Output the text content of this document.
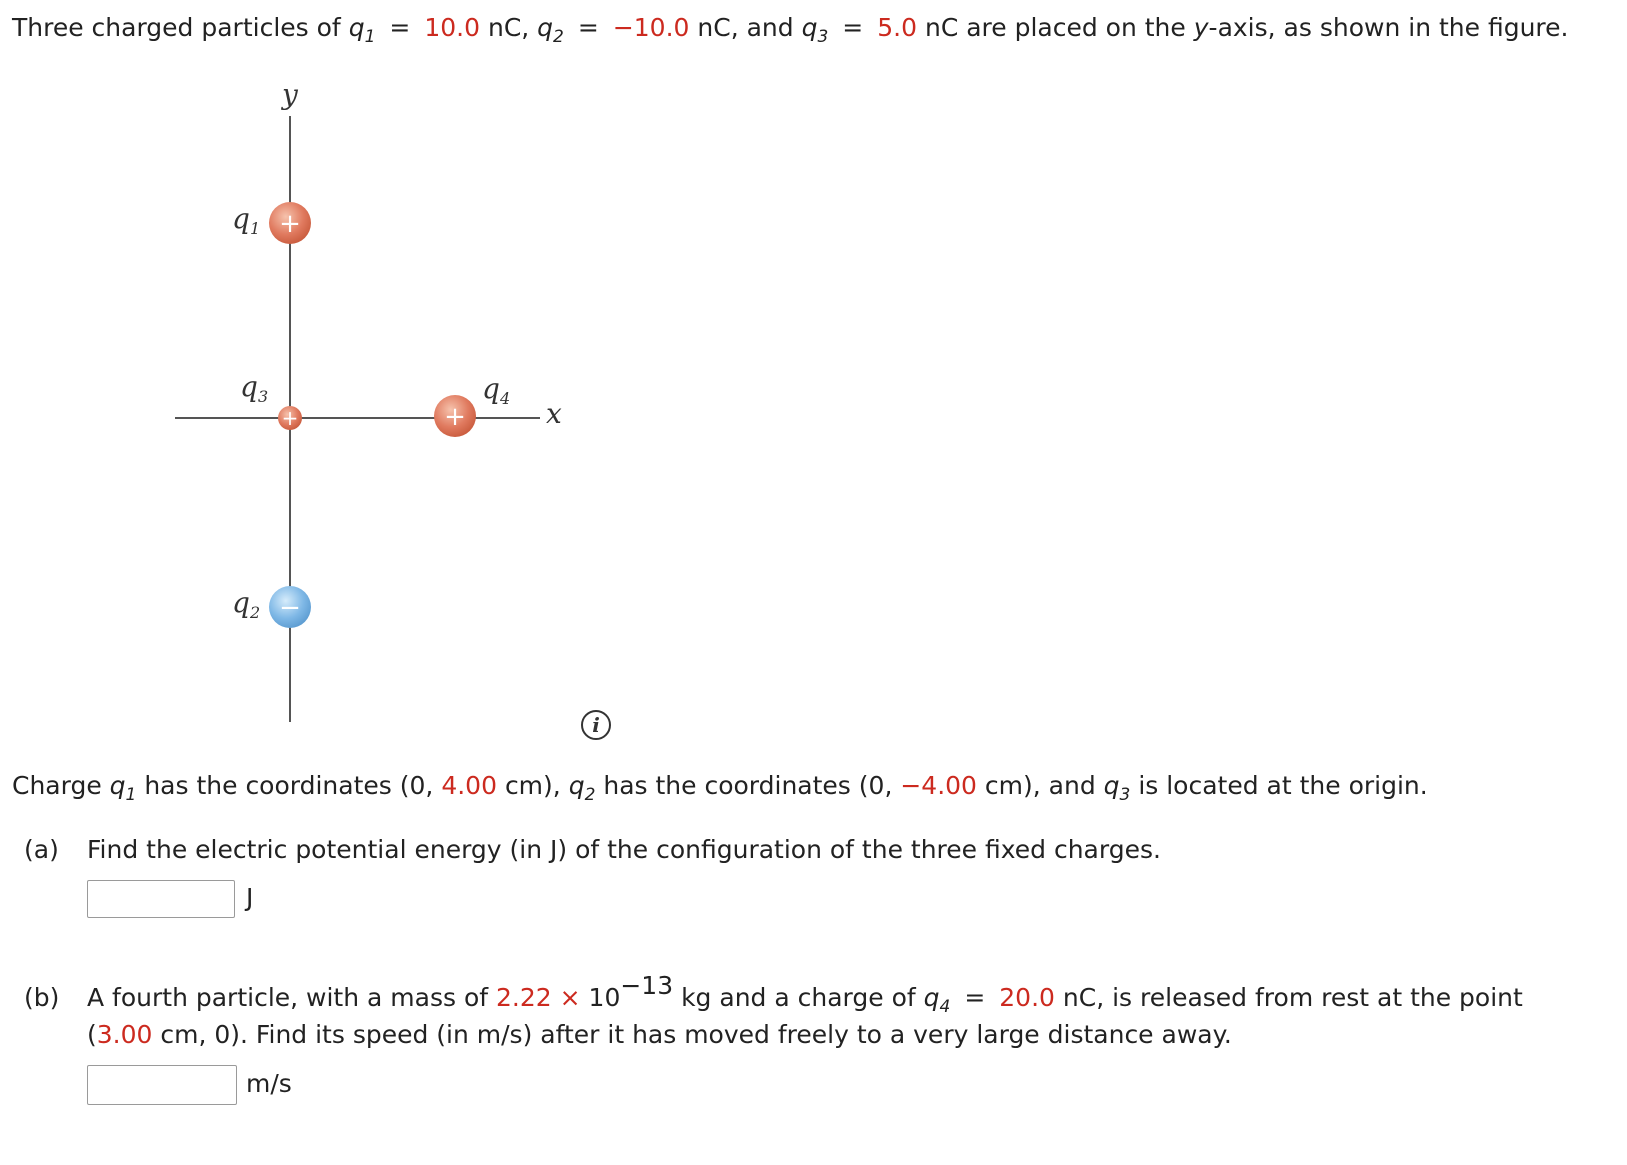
Three charged particles of $q_1 = 10.0$ nC, $q_2 = -10.0$ nC, and $q_3 = 5.0$ nC are placed on the y-axis, as shown in the figure.
y
x
+
$q_1$
+
$q_3$
+
$q_4$
−
$q_2$
i
Charge $q_1$ has the coordinates (0, 4.00 cm), $q_2$ has the coordinates (0, −4.00 cm), and $q_3$ is located at the origin.
(a) Find the electric potential energy (in J) of the configuration of the three fixed charges.
J
(b) A fourth particle, with a mass of $2.22 \times 10^{-13}$ kg and a charge of $q_4 = 20.0$ nC, is released from rest at the point
(3.00 cm, 0). Find its speed (in m/s) after it has moved freely to a very large distance away.
m/s
